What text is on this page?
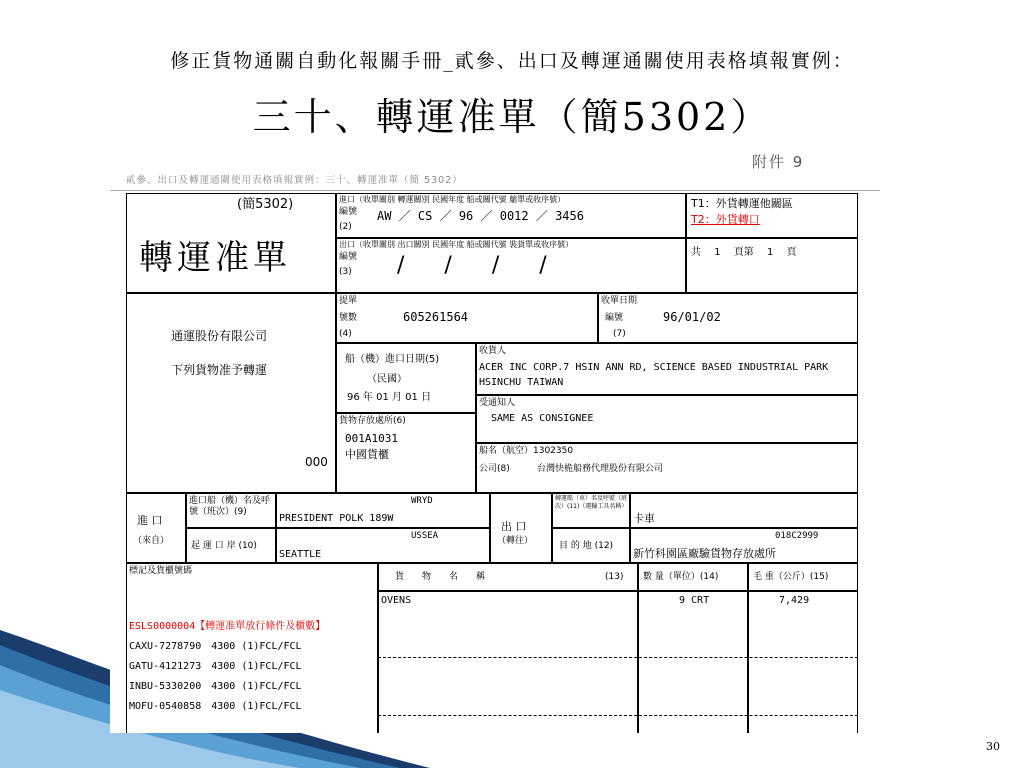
修正貨物通關自動化報關手冊_貳參、出口及轉運通關使用表格填報實例：
三十、轉運准單（簡5302）
附件 9
貳參、出口及轉運通關使用表格填報實例：三十、轉運准單（簡 5302）
(簡5302)
轉運准單
進口（收單關別 轉運關別 民國年度 船或關代號 艙單或收序號）
編號
(2)
AW ／ CS ／ 96 ／ 0012 ／ 3456
出口（收單關別 出口關別 民國年度 船或關代號 裝貨單或收序號）
編號
(3) /   /   /   /
T1：外貨轉運他關區
T2：外貨轉口
共  1  頁第  1  頁
通運股份有限公司
下列貨物准予轉運
000
提單
號數
(4)
605261564
收單日期
編號
(7)
96/01/02
船（機）進口日期(5)
（民國）
96 年 01 月 01 日
收貨人
ACER INC CORP.7 HSIN ANN RD, SCIENCE BASED INDUSTRIAL PARK HSINCHU TAIWAN
受通知人
SAME AS CONSIGNEE
貨物存放處所(6)
001A1031
中國貨櫃	船名（航空）1302350
公司(8)	台灣快桅船務代理股份有限公司
進 口
（來自）
進口船（機）名及呼號（班次）(9)
WRYD
PRESIDENT POLK 189W
起 運 口 岸 (10)
USSEA
SEATTLE
出 口
（轉往）
轉運船（車）名及呼號（班次）(11)（運輸工具名稱）
卡車
目 的 地 (12)
018C2999
新竹科園區廠驗貨物存放處所
標記及貨櫃號碼
ESLS0000004【轉運准單放行條件及櫃數】
CAXU-7278790　4300 (1)FCL/FCL
GATU-4121273　4300 (1)FCL/FCL
INBU-5330200　4300 (1)FCL/FCL
MOFU-0540858　4300 (1)FCL/FCL
貨　　物　　名　　稱	(13) 數 量（單位）(14)	毛 重（公斤）(15)
OVENS	9 CRT	7,429
30
